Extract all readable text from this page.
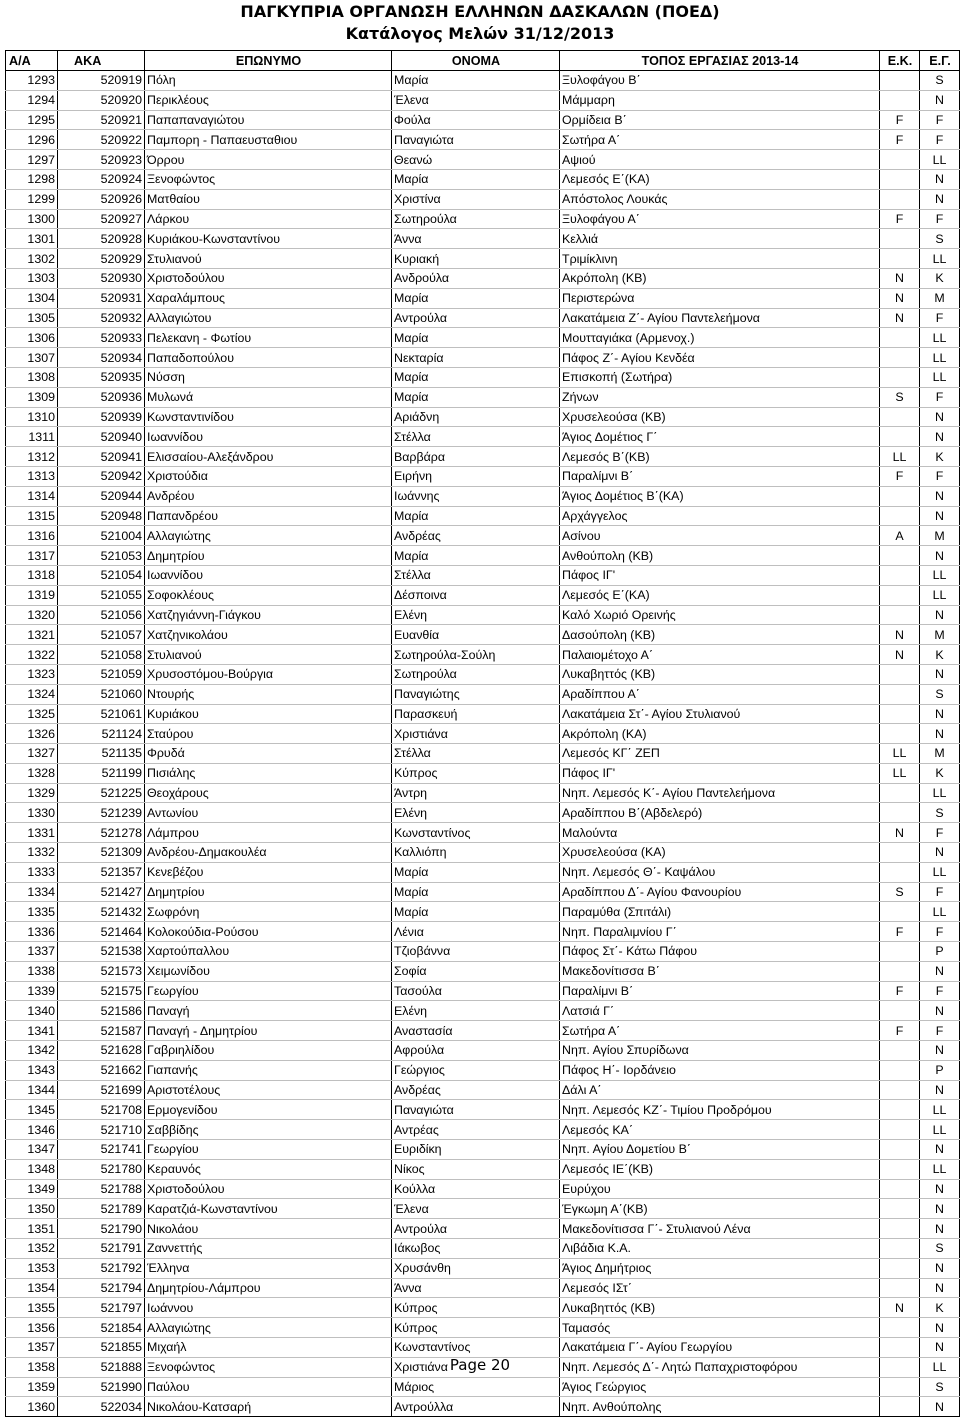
ΠΑΓΚΥΠΡΙΑ ΟΡΓΑΝΩΣΗ ΕΛΛΗΝΩΝ ΔΑΣΚΑΛΩΝ (ΠΟΕΔ)
Κατάλογος Μελών 31/12/2013
Α/Α	ΑΚΑ	ΕΠΩΝΥΜΟ	ΟΝΟΜΑ	ΤΟΠΟΣ ΕΡΓΑΣΙΑΣ 2013-14	Ε.Κ.	Ε.Γ.
1293	520919	Πόλη	Μαρία	Ξυλοφάγου Β΄		S
1294	520920	Περικλέους	Έλενα	Μάμμαρη		N
1295	520921	Παπαπαναγιώτου	Φούλα	Ορμίδεια Β΄	F	F
1296	520922	Παμπορη - Παπαευσταθιου	Παναγιώτα	Σωτήρα Α΄	F	F
1297	520923	Όρρου	Θεανώ	Αψιού		LL
1298	520924	Ξενοφώντος	Μαρία	Λεμεσός Ε΄(ΚΑ)		N
1299	520926	Ματθαίου	Χριστίνα	Απόστολος Λουκάς		N
1300	520927	Λάρκου	Σωτηρούλα	Ξυλοφάγου Α΄	F	F
1301	520928	Κυριάκου-Κωνσταντίνου	Άννα	Κελλιά		S
1302	520929	Στυλιανού	Κυριακή	Τριμίκλινη		LL
1303	520930	Χριστοδούλου	Ανδρούλα	Ακρόπολη (ΚΒ)	N	K
1304	520931	Χαραλάμπους	Μαρία	Περιστερώνα	N	M
1305	520932	Αλλαγιώτου	Αντρούλα	Λακατάμεια Ζ΄- Αγίου Παντελεήμονα	N	F
1306	520933	Πελεκανη - Φωτίου	Μαρία	Μουτταγιάκα (Αρμενοχ.)		LL
1307	520934	Παπαδοπούλου	Νεκταρία	Πάφος Ζ΄- Αγίου Κενδέα		LL
1308	520935	Νύσση	Μαρία	Επισκοπή (Σωτήρα)		LL
1309	520936	Μυλωνά	Μαρία	Ζήνων	S	F
1310	520939	Κωνσταντινίδου	Αριάδνη	Χρυσελεούσα (ΚΒ)		N
1311	520940	Ιωαννίδου	Στέλλα	Άγιος Δομέτιος Γ΄		N
1312	520941	Ελισσαίου-Αλεξάνδρου	Βαρβάρα	Λεμεσός Β΄(ΚΒ)	LL	K
1313	520942	Χριστούδια	Ειρήνη	Παραλίμνι Β΄	F	F
1314	520944	Ανδρέου	Ιωάννης	Άγιος Δομέτιος Β΄(ΚΑ)		N
1315	520948	Παπανδρέου	Μαρία	Αρχάγγελος		N
1316	521004	Αλλαγιώτης	Ανδρέας	Ασίνου	A	M
1317	521053	Δημητρίου	Μαρία	Ανθούπολη (ΚΒ)		N
1318	521054	Ιωαννίδου	Στέλλα	Πάφος ΙΓ'		LL
1319	521055	Σοφοκλέους	Δέσποινα	Λεμεσός Ε΄(ΚΑ)		LL
1320	521056	Χατζηγιάννη-Γιάγκου	Ελένη	Καλό Χωριό Ορεινής		N
1321	521057	Χατζηνικολάου	Ευανθία	Δασούπολη (ΚΒ)	N	M
1322	521058	Στυλιανού	Σωτηρούλα-Σούλη	Παλαιομέτοχο Α΄	N	K
1323	521059	Χρυσοστόμου-Βούργια	Σωτηρούλα	Λυκαβηττός (ΚΒ)		N
1324	521060	Ντουρής	Παναγιώτης	Αραδίππου Α΄		S
1325	521061	Κυριάκου	Παρασκευή	Λακατάμεια Στ΄- Αγίου Στυλιανού		N
1326	521124	Σταύρου	Χριστιάνα	Ακρόπολη (ΚΑ)		N
1327	521135	Φρυδά	Στέλλα	Λεμεσός ΚΓ΄ ΖΕΠ	LL	M
1328	521199	Πισιάλης	Κύπρος	Πάφος ΙΓ'	LL	K
1329	521225	Θεοχάρους	Άντρη	Νηπ. Λεμεσός Κ΄- Αγίου Παντελεήμονα		LL
1330	521239	Αντωνίου	Ελένη	Αραδίππου Β΄(Αβδελερό)		S
1331	521278	Λάμπρου	Κωνσταντίνος	Μαλούντα	N	F
1332	521309	Ανδρέου-Δημακουλέα	Καλλιόπη	Χρυσελεούσα (ΚΑ)		N
1333	521357	Κενεβέζου	Μαρία	Νηπ. Λεμεσός Θ΄- Καψάλου		LL
1334	521427	Δημητρίου	Μαρία	Αραδίππου Δ΄- Αγίου Φανουρίου	S	F
1335	521432	Σωφρόνη	Μαρία	Παραμύθα (Σπιτάλι)		LL
1336	521464	Κολοκούδια-Ρούσου	Λένια	Νηπ. Παραλιμνίου Γ΄	F	F
1337	521538	Χαρτούπαλλου	Τζιοβάννα	Πάφος Στ΄- Κάτω Πάφου		P
1338	521573	Χειμωνίδου	Σοφία	Μακεδονίτισσα Β΄		N
1339	521575	Γεωργίου	Τασούλα	Παραλίμνι Β΄	F	F
1340	521586	Παναγή	Ελένη	Λατσιά Γ΄		N
1341	521587	Παναγή - Δημητρίου	Αναστασία	Σωτήρα Α΄	F	F
1342	521628	Γαβριηλίδου	Αφρούλα	Νηπ. Αγίου Σπυρίδωνα		N
1343	521662	Γιαπανής	Γεώργιος	Πάφος Η΄- Ιορδάνειο		P
1344	521699	Αριστοτέλους	Ανδρέας	Δάλι Α΄		N
1345	521708	Ερμογενίδου	Παναγιώτα	Νηπ. Λεμεσός ΚΖ΄- Τιμίου Προδρόμου		LL
1346	521710	Σαββίδης	Αντρέας	Λεμεσός ΚΑ΄		LL
1347	521741	Γεωργίου	Ευριδίκη	Νηπ. Αγίου Δομετίου Β΄		N
1348	521780	Κεραυνός	Νίκος	Λεμεσός ΙΕ΄(ΚΒ)		LL
1349	521788	Χριστοδούλου	Κούλλα	Ευρύχου		N
1350	521789	Καρατζιά-Κωνσταντίνου	Έλενα	Έγκωμη Α΄(ΚΒ)		N
1351	521790	Νικολάου	Αντρούλα	Μακεδονίτισσα Γ΄- Στυλιανού Λένα		N
1352	521791	Ζαννεττής	Ιάκωβος	Λιβάδια Κ.Α.		S
1353	521792	Έλληνα	Χρυσάνθη	Άγιος Δημήτριος		N
1354	521794	Δημητρίου-Λάμπρου	Άννα	Λεμεσός ΙΣτ΄		N
1355	521797	Ιωάννου	Κύπρος	Λυκαβηττός (ΚΒ)	N	K
1356	521854	Αλλαγιώτης	Κύπρος	Ταμασός		N
1357	521855	Μιχαήλ	Κωνσταντίνος	Λακατάμεια Γ΄- Αγίου Γεωργίου		N
1358	521888	Ξενοφώντος	Χριστιάνα	Νηπ. Λεμεσός Δ΄- Λητώ Παπαχριστοφόρου		LL
1359	521990	Παύλου	Μάριος	Άγιος Γεώργιος		S
1360	522034	Νικολάου-Κατσαρή	Αντρούλλα	Νηπ. Ανθούπολης		N
Page 20
